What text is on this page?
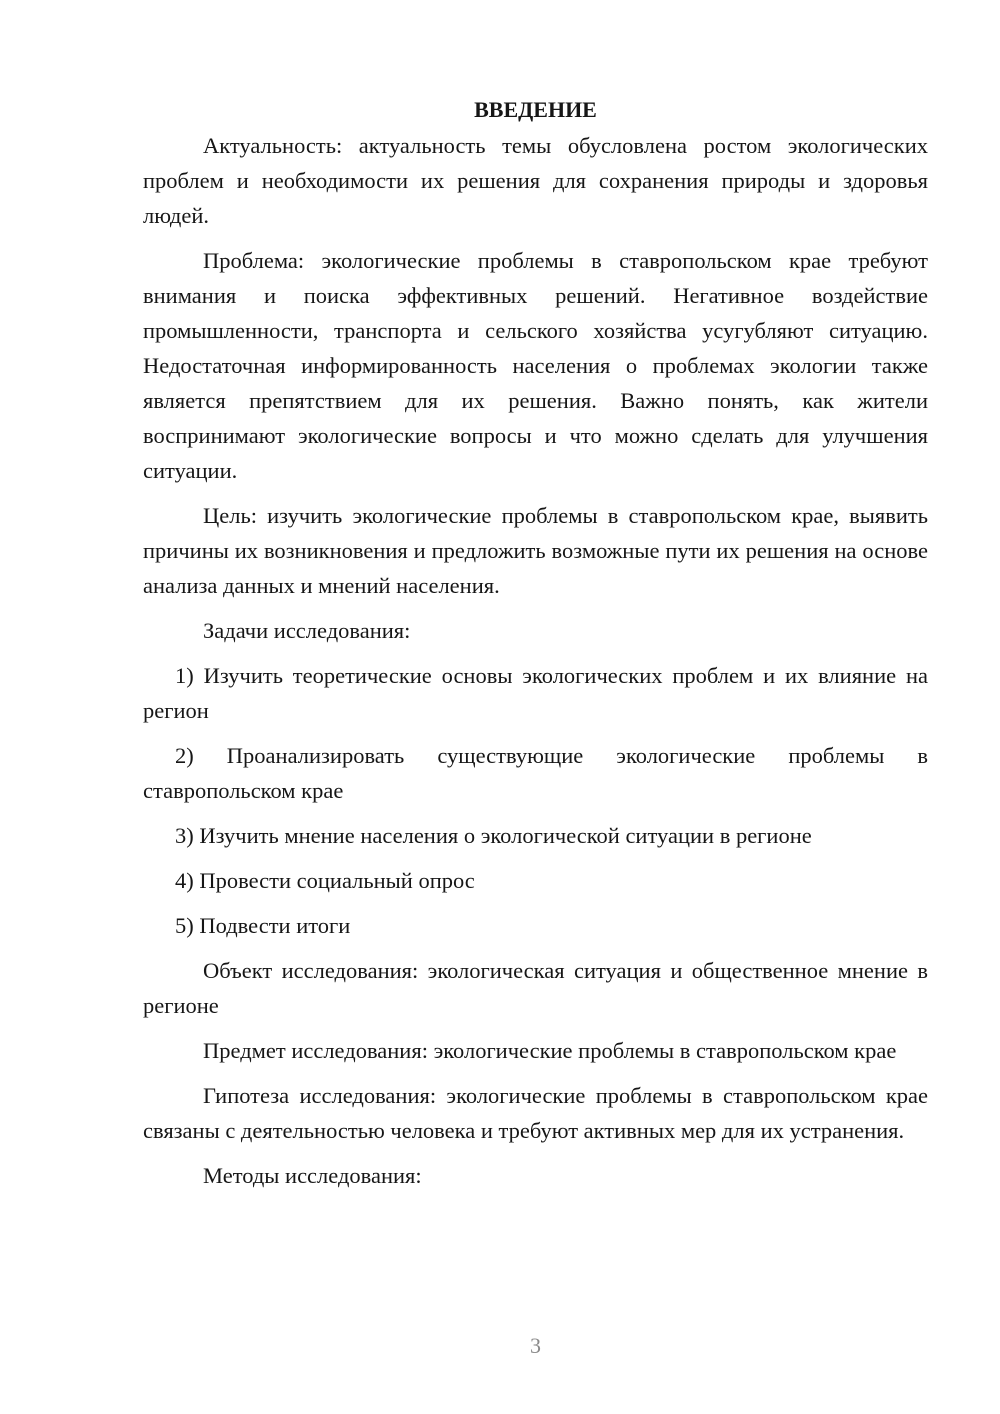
ВВЕДЕНИЕ

Актуальность: актуальность темы обусловлена ростом экологических проблем и необходимости их решения для сохранения природы и здоровья людей.

Проблема: экологические проблемы в ставропольском крае требуют внимания и поиска эффективных решений. Негативное воздействие промышленности, транспорта и сельского хозяйства усугубляют ситуацию. Недостаточная информированность населения о проблемах экологии также является препятствием для их решения. Важно понять, как жители воспринимают экологические вопросы и что можно сделать для улучшения ситуации.

Цель: изучить экологические проблемы в ставропольском крае, выявить причины их возникновения и предложить возможные пути их решения на основе анализа данных и мнений населения.

Задачи исследования:

1) Изучить теоретические основы экологических проблем и их влияние на регион

2) Проанализировать существующие экологические проблемы в ставропольском крае

3) Изучить мнение населения о экологической ситуации в регионе

4) Провести социальный опрос

5) Подвести итоги

Объект исследования: экологическая ситуация и общественное мнение в регионе

Предмет исследования: экологические проблемы в ставропольском крае

Гипотеза исследования: экологические проблемы в ставропольском крае связаны с деятельностью человека и требуют активных мер для их устранения.

Методы исследования:

3
